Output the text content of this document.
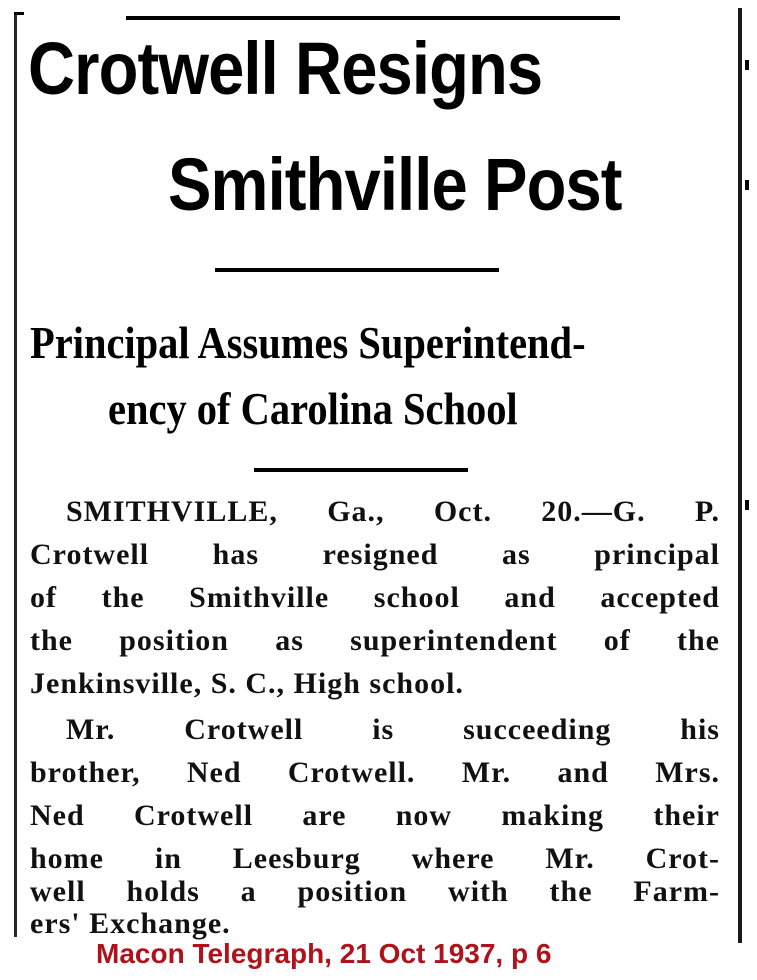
Crotwell Resigns
Smithville Post
Principal Assumes Superintend-
ency of Carolina School
SMITHVILLE, Ga., Oct. 20.—G. P.
Crotwell has resigned as principal
of the Smithville school and accepted
the position as superintendent of the
Jenkinsville, S. C., High school.
Mr. Crotwell is succeeding his
brother, Ned Crotwell. Mr. and Mrs.
Ned Crotwell are now making their
home in Leesburg where Mr. Crot-
well holds a position with the Farm-
ers' Exchange.
Macon Telegraph, 21 Oct 1937, p 6
